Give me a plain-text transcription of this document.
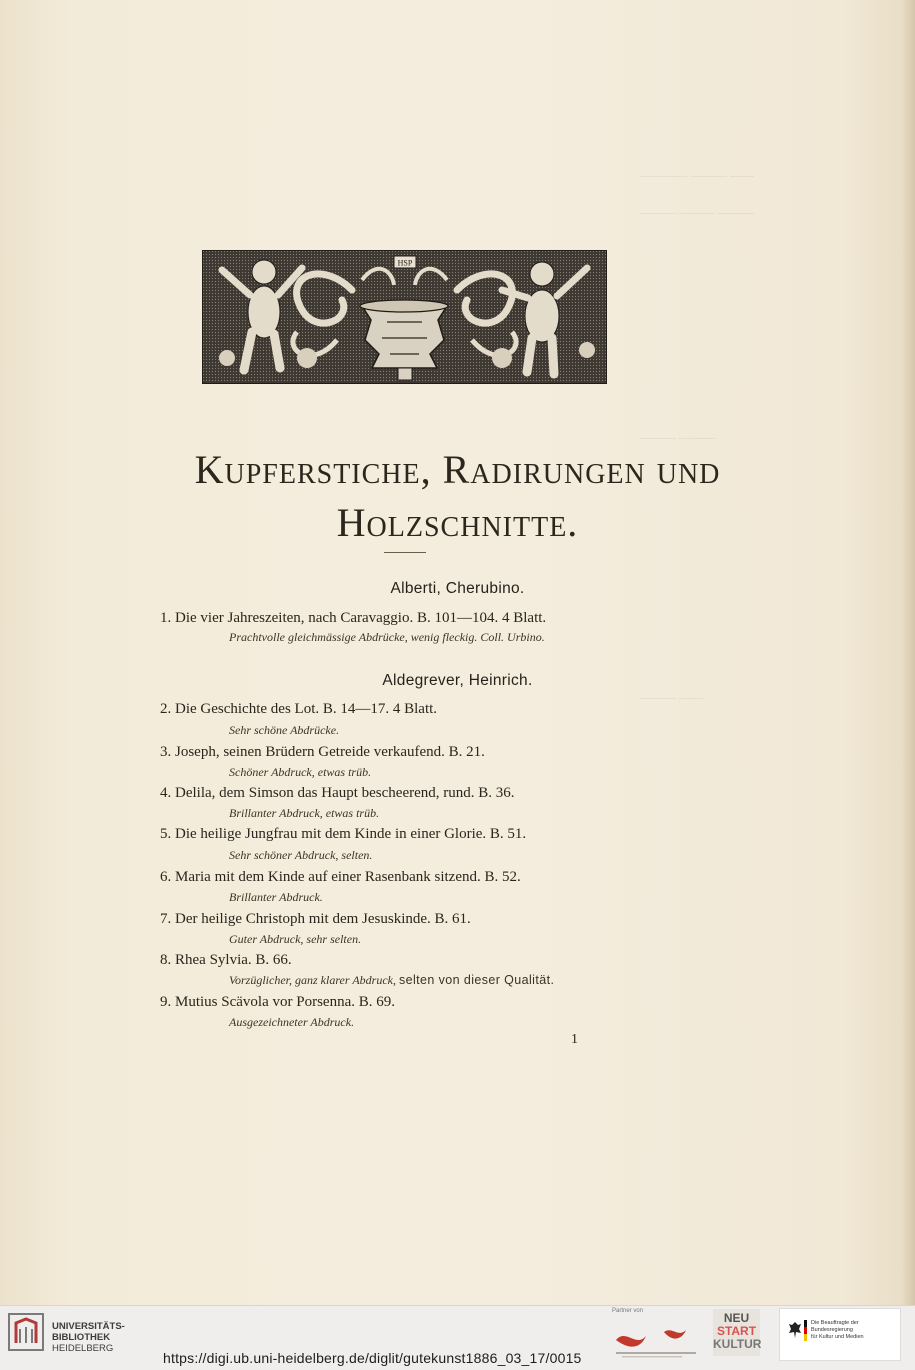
———— ——— ——
——— ——— ———
——— ———
——— ——
HSP
Kupferstiche, Radirungen und
Holzschnitte.
Alberti, Cherubino.
1. Die vier Jahreszeiten, nach Caravaggio. B. 101—104. 4 Blatt.
Prachtvolle gleichmässige Abdrücke, wenig fleckig. Coll. Urbino.
Aldegrever, Heinrich.
2. Die Geschichte des Lot. B. 14—17. 4 Blatt.
Sehr schöne Abdrücke.
3. Joseph, seinen Brüdern Getreide verkaufend. B. 21.
Schöner Abdruck, etwas trüb.
4. Delila, dem Simson das Haupt bescheerend, rund. B. 36.
Brillanter Abdruck, etwas trüb.
5. Die heilige Jungfrau mit dem Kinde in einer Glorie. B. 51.
Sehr schöner Abdruck, selten.
6. Maria mit dem Kinde auf einer Rasenbank sitzend. B. 52.
Brillanter Abdruck.
7. Der heilige Christoph mit dem Jesuskinde. B. 61.
Guter Abdruck, sehr selten.
8. Rhea Sylvia. B. 66.
Vorzüglicher, ganz klarer Abdruck, selten von dieser Qualität.
9. Mutius Scävola vor Porsenna. B. 69.
Ausgezeichneter Abdruck.
1
UNIVERSITÄTS-
BIBLIOTHEK
HEIDELBERG
https://digi.ub.uni-heidelberg.de/diglit/gutekunst1886_03_17/0015
Partner von	NEU
START
KULTUR
Die Beauftragte der Bundesregierung
für Kultur und Medien
